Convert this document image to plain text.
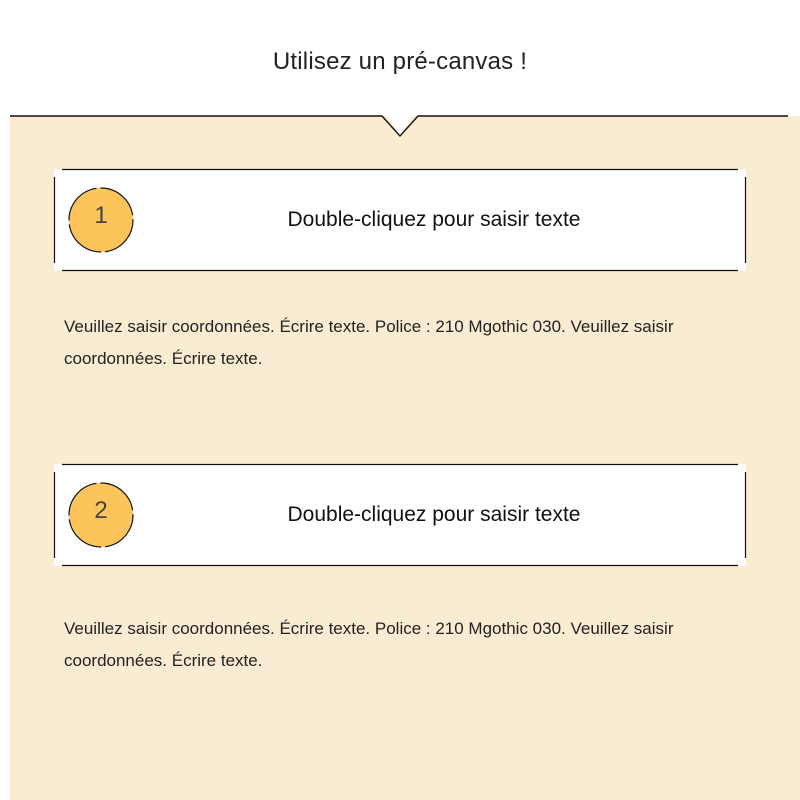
Utilisez un pré-canvas !
1	Double-cliquez pour saisir texte
Veuillez saisir coordonnées. Écrire texte. Police : 210 Mgothic 030. Veuillez saisir coordonnées. Écrire texte.
2	Double-cliquez pour saisir texte
Veuillez saisir coordonnées. Écrire texte. Police : 210 Mgothic 030. Veuillez saisir coordonnées. Écrire texte.
